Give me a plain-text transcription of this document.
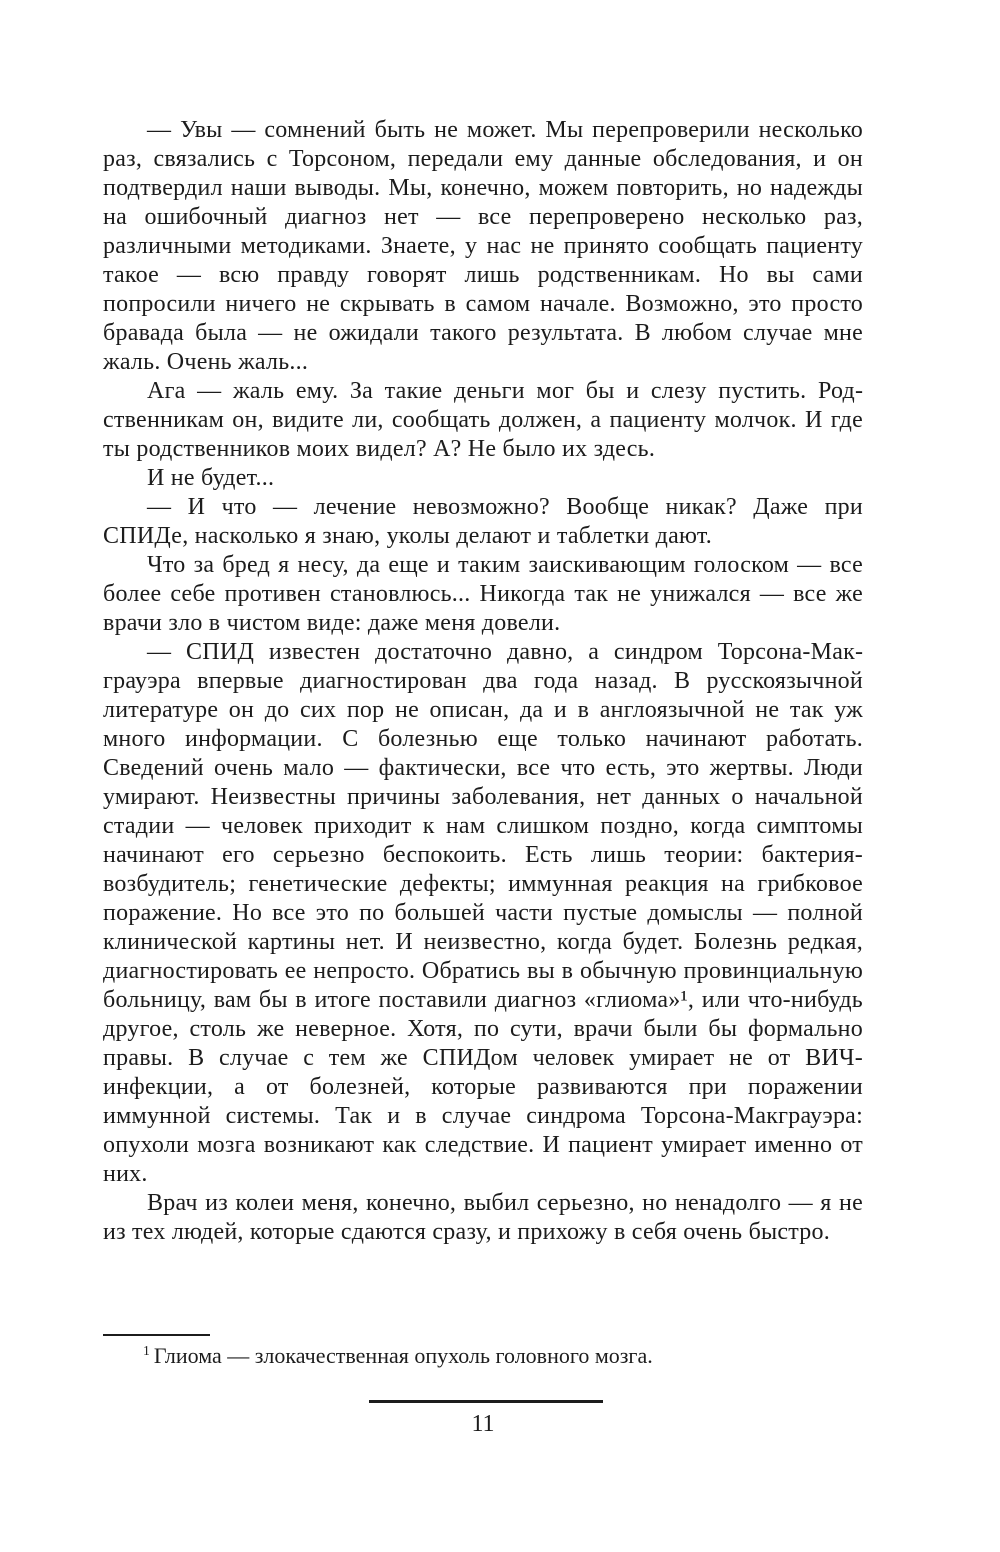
— Увы — сомнений быть не может. Мы перепроверили несколько раз, связались с Торсоном, передали ему данные обследования, и он подтвердил наши выводы. Мы, конечно, можем повторить, но надежды на ошибочный диагноз нет — все перепроверено несколько раз, различными методиками. Знаете, у нас не принято сообщать пациенту такое — всю правду говорят лишь родственникам. Но вы сами попросили ничего не скрывать в самом начале. Возможно, это просто бравада была — не ожидали такого результата. В любом случае мне жаль. Очень жаль...

Ага — жаль ему. За такие деньги мог бы и слезу пустить. Родственникам он, видите ли, сообщать должен, а пациенту молчок. И где ты родственников моих видел? А? Не было их здесь.

И не будет...

— И что — лечение невозможно? Вообще никак? Даже при СПИДе, насколько я знаю, уколы делают и таблетки дают.

Что за бред я несу, да еще и таким заискивающим голоском — все более себе противен становлюсь... Никогда так не унижался — все же врачи зло в чистом виде: даже меня довели.

— СПИД известен достаточно давно, а синдром Торсона-Макграуэра впервые диагностирован два года назад. В русскоязычной литературе он до сих пор не описан, да и в англоязычной не так уж много информации. С болезнью еще только начинают работать. Сведений очень мало — фактически, все что есть, это жертвы. Люди умирают. Неизвестны причины заболевания, нет данных о начальной стадии — человек приходит к нам слишком поздно, когда симптомы начинают его серьезно беспокоить. Есть лишь теории: бактерия-возбудитель; генетические дефекты; иммунная реакция на грибковое поражение. Но все это по большей части пустые домыслы — полной клинической картины нет. И неизвестно, когда будет. Болезнь редкая, диагностировать ее непросто. Обратись вы в обычную провинциальную больницу, вам бы в итоге поставили диагноз «глиома»¹, или что-нибудь другое, столь же неверное. Хотя, по сути, врачи были бы формально правы. В случае с тем же СПИДом человек умирает не от ВИЧ-инфекции, а от болезней, которые развиваются при поражении иммунной системы. Так и в случае синдрома Торсона-Макграуэра: опухоли мозга возникают как следствие. И пациент умирает именно от них.

Врач из колеи меня, конечно, выбил серьезно, но ненадолго — я не из тех людей, которые сдаются сразу, и прихожу в себя очень быстро.

$^1$ Глиома — злокачественная опухоль головного мозга.
11
